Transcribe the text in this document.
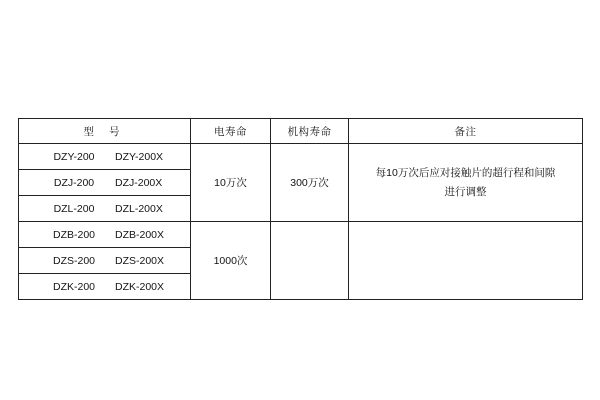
型 号	电寿命	机构寿命	备注

DZY-200 DZY-200X	10万次	300万次	每10万次后应对接触片的超行程和间隙
进行调整

DZJ-200 DZJ-200X			

DZL-200 DZL-200X			

DZB-200 DZB-200X	1000次		

DZS-200 DZS-200X			

DZK-200 DZK-200X			
